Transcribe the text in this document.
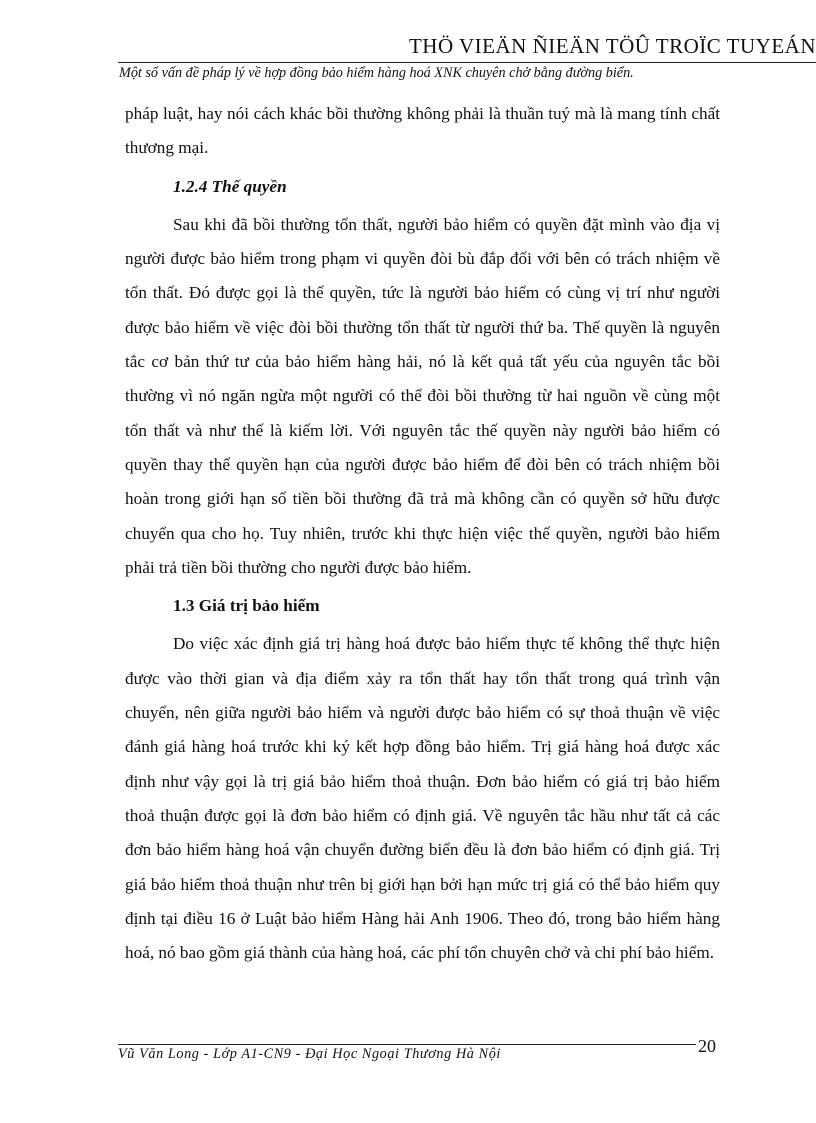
THÖ VIEÄN ÑIEÄN TÖÛ TROÏC TUYEÁN
Một số vấn đề pháp lý về hợp đồng bảo hiểm hàng hoá XNK chuyên chở bằng đường biển.

pháp luật, hay nói cách khác bồi thường không phải là thuần tuý mà là mang tính chất thương mại.

1.2.4 Thế quyền

Sau khi đã bồi thường tổn thất, người bảo hiểm có quyền đặt mình vào địa vị người được bảo hiểm trong phạm vi quyền đòi bù đắp đối với bên có trách nhiệm về tổn thất. Đó được gọi là thế quyền, tức là người bảo hiểm có cùng vị trí như người được bảo hiểm về việc đòi bồi thường tổn thất từ người thứ ba. Thế quyền là nguyên tắc cơ bản thứ tư của bảo hiểm hàng hải, nó là kết quả tất yếu của nguyên tắc bồi thường vì nó ngăn ngừa một người có thể đòi bồi thường từ hai nguồn về cùng một tổn thất và như thế là kiếm lời. Với nguyên tắc thế quyền này người bảo hiểm có quyền thay thế quyền hạn của người được bảo hiểm để đòi bên có trách nhiệm bồi hoàn trong giới hạn số tiền bồi thường đã trả mà không cần có quyền sở hữu được chuyển qua cho họ. Tuy nhiên, trước khi thực hiện việc thế quyền, người bảo hiểm phải trả tiền bồi thường cho người được bảo hiểm.

1.3 Giá trị bảo hiểm

Do việc xác định giá trị hàng hoá được bảo hiểm thực tế không thể thực hiện được vào thời gian và địa điểm xảy ra tổn thất hay tổn thất trong quá trình vận chuyển, nên giữa người bảo hiểm và người được bảo hiểm có sự thoả thuận về việc đánh giá hàng hoá trước khi ký kết hợp đồng bảo hiểm. Trị giá hàng hoá được xác định như vậy gọi là trị giá bảo hiểm thoả thuận. Đơn bảo hiểm có giá trị bảo hiểm thoả thuận được gọi là đơn bảo hiểm có định giá. Về nguyên tắc hầu như tất cả các đơn bảo hiểm hàng hoá vận chuyển đường biển đều là đơn bảo hiểm có định giá. Trị giá bảo hiểm thoả thuận như trên bị giới hạn bởi hạn mức trị giá có thể bảo hiểm quy định tại điều 16 ở Luật bảo hiểm Hàng hải Anh 1906. Theo đó, trong bảo hiểm hàng hoá, nó bao gồm giá thành của hàng hoá, các phí tổn chuyên chở và chi phí bảo hiểm.

20
Vũ Văn Long - Lớp A1-CN9 - Đại Học Ngoại Thương Hà Nội
